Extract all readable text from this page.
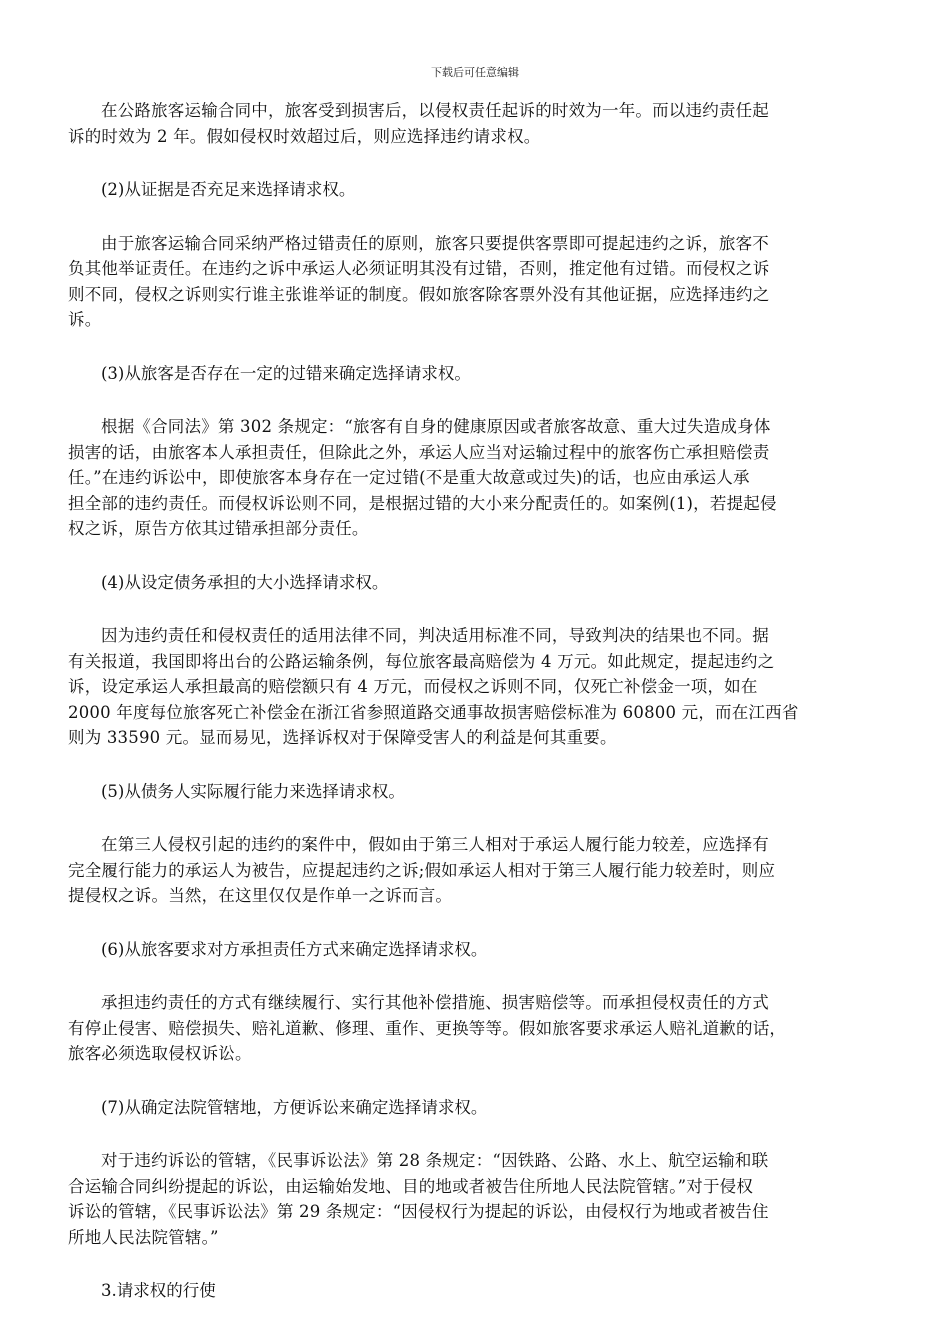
下载后可任意编辑
在公路旅客运输合同中，旅客受到损害后，以侵权责任起诉的时效为一年。而以违约责任起
诉的时效为 2 年。假如侵权时效超过后，则应选择违约请求权。
(2)从证据是否充足来选择请求权。
由于旅客运输合同采纳严格过错责任的原则，旅客只要提供客票即可提起违约之诉，旅客不
负其他举证责任。在违约之诉中承运人必须证明其没有过错，否则，推定他有过错。而侵权之诉
则不同，侵权之诉则实行谁主张谁举证的制度。假如旅客除客票外没有其他证据，应选择违约之
诉。
(3)从旅客是否存在一定的过错来确定选择请求权。
根据《合同法》第 302 条规定：“旅客有自身的健康原因或者旅客故意、重大过失造成身体
损害的话，由旅客本人承担责任，但除此之外，承运人应当对运输过程中的旅客伤亡承担赔偿责
任。”在违约诉讼中，即使旅客本身存在一定过错(不是重大故意或过失)的话，也应由承运人承
担全部的违约责任。而侵权诉讼则不同，是根据过错的大小来分配责任的。如案例(1)，若提起侵
权之诉，原告方依其过错承担部分责任。
(4)从设定债务承担的大小选择请求权。
因为违约责任和侵权责任的适用法律不同，判决适用标准不同，导致判决的结果也不同。据
有关报道，我国即将出台的公路运输条例，每位旅客最高赔偿为 4 万元。如此规定，提起违约之
诉，设定承运人承担最高的赔偿额只有 4 万元，而侵权之诉则不同，仅死亡补偿金一项，如在
2000 年度每位旅客死亡补偿金在浙江省参照道路交通事故损害赔偿标准为 60800 元，而在江西省
则为 33590 元。显而易见，选择诉权对于保障受害人的利益是何其重要。
(5)从债务人实际履行能力来选择请求权。
在第三人侵权引起的违约的案件中，假如由于第三人相对于承运人履行能力较差，应选择有
完全履行能力的承运人为被告，应提起违约之诉;假如承运人相对于第三人履行能力较差时，则应
提侵权之诉。当然，在这里仅仅是作单一之诉而言。
(6)从旅客要求对方承担责任方式来确定选择请求权。
承担违约责任的方式有继续履行、实行其他补偿措施、损害赔偿等。而承担侵权责任的方式
有停止侵害、赔偿损失、赔礼道歉、修理、重作、更换等等。假如旅客要求承运人赔礼道歉的话，
旅客必须选取侵权诉讼。
(7)从确定法院管辖地，方便诉讼来确定选择请求权。
对于违约诉讼的管辖，《民事诉讼法》第 28 条规定：“因铁路、公路、水上、航空运输和联
合运输合同纠纷提起的诉讼，由运输始发地、目的地或者被告住所地人民法院管辖。”对于侵权
诉讼的管辖，《民事诉讼法》第 29 条规定：“因侵权行为提起的诉讼，由侵权行为地或者被告住
所地人民法院管辖。”
3.请求权的行使
